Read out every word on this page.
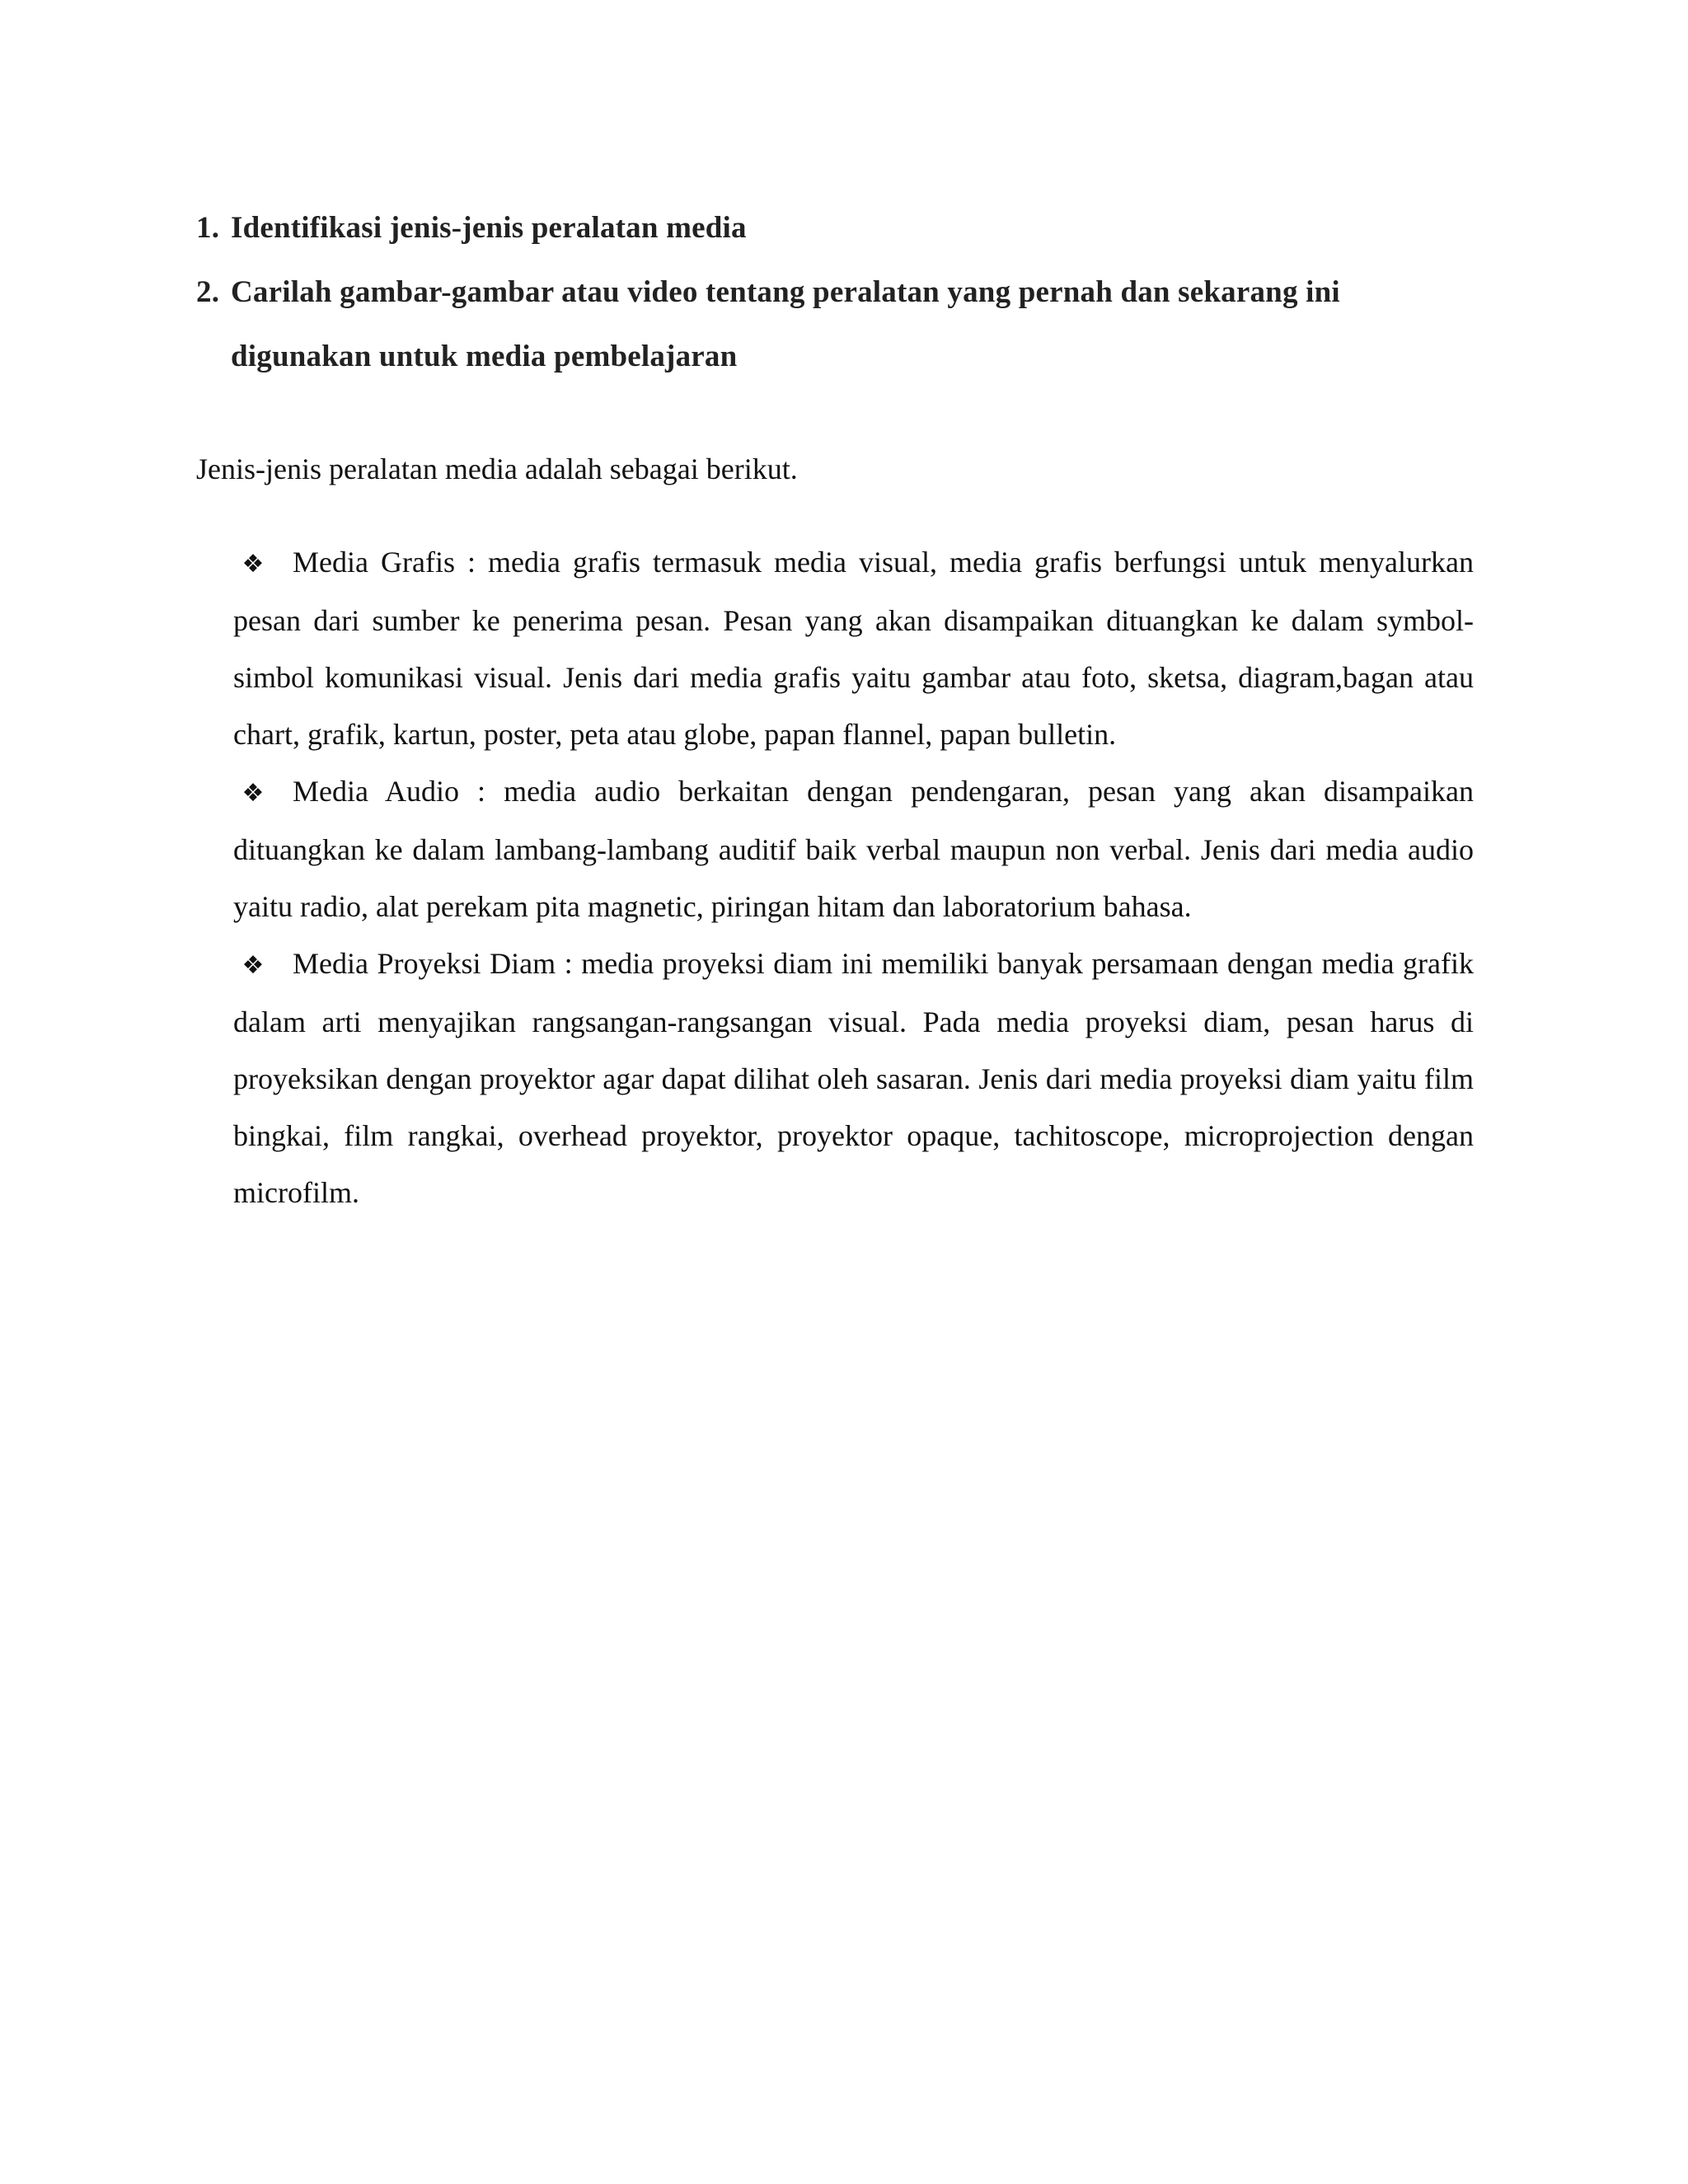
1. Identifikasi jenis-jenis peralatan media
2. Carilah gambar-gambar atau video tentang peralatan yang pernah dan sekarang ini digunakan untuk media pembelajaran

Jenis-jenis peralatan media adalah sebagai berikut.

❖ Media Grafis : media grafis termasuk media visual, media grafis berfungsi untuk menyalurkan pesan dari sumber ke penerima pesan. Pesan yang akan disampaikan dituangkan ke dalam symbol-simbol komunikasi visual. Jenis dari media grafis yaitu gambar atau foto, sketsa, diagram,bagan atau chart, grafik, kartun, poster, peta atau globe, papan flannel, papan bulletin.
❖ Media Audio : media audio berkaitan dengan pendengaran, pesan yang akan disampaikan dituangkan ke dalam lambang-lambang auditif baik verbal maupun non verbal. Jenis dari media audio yaitu radio, alat perekam pita magnetic, piringan hitam dan laboratorium bahasa.
❖ Media Proyeksi Diam : media proyeksi diam ini memiliki banyak persamaan dengan media grafik dalam arti menyajikan rangsangan-rangsangan visual. Pada media proyeksi diam, pesan harus di proyeksikan dengan proyektor agar dapat dilihat oleh sasaran. Jenis dari media proyeksi diam yaitu film bingkai, film rangkai, overhead proyektor, proyektor opaque, tachitoscope, microprojection dengan microfilm.
